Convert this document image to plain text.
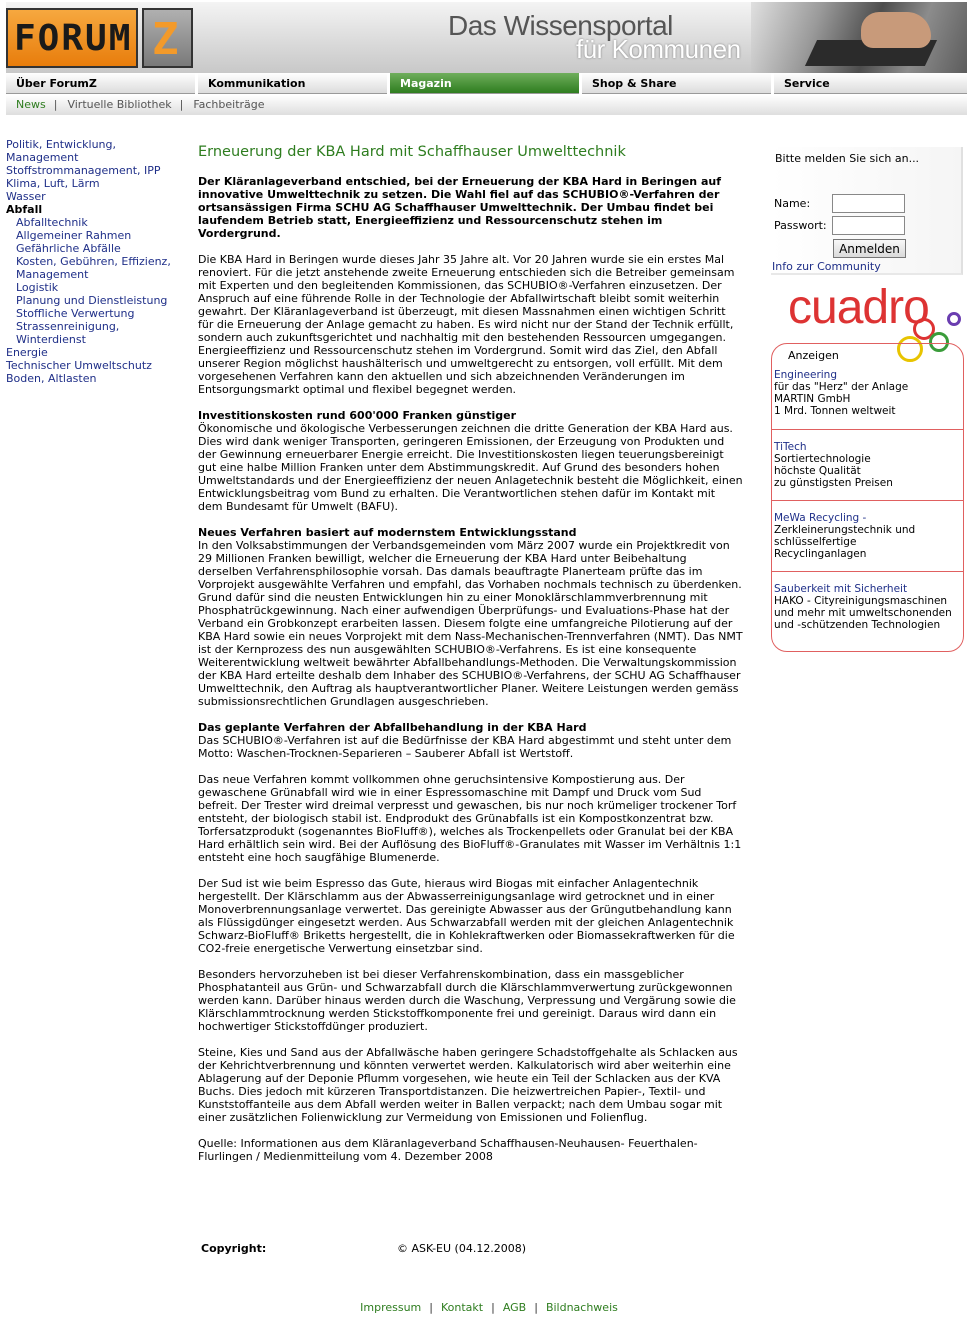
FORUM Z	Das Wissensportal
für Kommunen
Über ForumZ	Kommunikation	Magazin	Shop & Share	Service
News | Virtuelle Bibliothek | Fachbeiträge
Politik, Entwicklung, Management
Stoffstrommanagement, IPP
Klima, Luft, Lärm
Wasser
Abfall
Abfalltechnik
Allgemeiner Rahmen
Gefährliche Abfälle
Kosten, Gebühren, Effizienz, Management
Logistik
Planung und Dienstleistung
Stoffliche Verwertung
Strassenreinigung, Winterdienst
Energie
Technischer Umweltschutz
Boden, Altlasten
Erneuerung der KBA Hard mit Schaffhauser Umwelttechnik

Der Kläranlageverband entschied, bei der Erneuerung der KBA Hard in Beringen auf innovative Umwelttechnik zu setzen. Die Wahl fiel auf das SCHUBIO®-Verfahren der ortsansässigen Firma SCHU AG Schaffhauser Umwelttechnik. Der Umbau findet bei laufendem Betrieb statt, Energieeffizienz und Ressourcenschutz stehen im Vordergrund.

Die KBA Hard in Beringen wurde dieses Jahr 35 Jahre alt. Vor 20 Jahren wurde sie ein erstes Mal renoviert. Für die jetzt anstehende zweite Erneuerung entschieden sich die Betreiber gemeinsam mit Experten und den begleitenden Kommissionen, das SCHUBIO®-Verfahren einzusetzen. Der Anspruch auf eine führende Rolle in der Technologie der Abfallwirtschaft bleibt somit weiterhin gewahrt. Der Kläranlageverband ist überzeugt, mit diesen Massnahmen einen wichtigen Schritt für die Erneuerung der Anlage gemacht zu haben. Es wird nicht nur der Stand der Technik erfüllt, sondern auch zukunftsgerichtet und nachhaltig mit den bestehenden Ressourcen umgegangen. Energieeffizienz und Ressourcenschutz stehen im Vordergrund. Somit wird das Ziel, den Abfall unserer Region möglichst haushälterisch und umweltgerecht zu entsorgen, voll erfüllt. Mit dem vorgesehenen Verfahren kann den aktuellen und sich abzeichnenden Veränderungen im Entsorgungsmarkt optimal und flexibel begegnet werden.

Investitionskosten rund 600'000 Franken günstiger

Ökonomische und ökologische Verbesserungen zeichnen die dritte Generation der KBA Hard aus. Dies wird dank weniger Transporten, geringeren Emissionen, der Erzeugung von Produkten und der Gewinnung erneuerbarer Energie erreicht. Die Investitionskosten liegen teuerungsbereinigt gut eine halbe Million Franken unter dem Abstimmungskredit. Auf Grund des besonders hohen Umweltstandards und der Energieeffizienz der neuen Anlagetechnik besteht die Möglichkeit, einen Entwicklungsbeitrag vom Bund zu erhalten. Die Verantwortlichen stehen dafür im Kontakt mit dem Bundesamt für Umwelt (BAFU).

Neues Verfahren basiert auf modernstem Entwicklungsstand

In den Volksabstimmungen der Verbandsgemeinden vom März 2007 wurde ein Projektkredit von 29 Millionen Franken bewilligt, welcher die Erneuerung der KBA Hard unter Beibehaltung derselben Verfahrensphilosophie vorsah. Das damals beauftragte Planerteam prüfte das im Vorprojekt ausgewählte Verfahren und empfahl, das Vorhaben nochmals technisch zu überdenken. Grund dafür sind die neusten Entwicklungen hin zu einer Monoklärschlammverbrennung mit Phosphatrückgewinnung. Nach einer aufwendigen Überprüfungs- und Evaluations-Phase hat der Verband ein Grobkonzept erarbeiten lassen. Diesem folgte eine umfangreiche Pilotierung auf der KBA Hard sowie ein neues Vorprojekt mit dem Nass-Mechanischen-Trennverfahren (NMT). Das NMT ist der Kernprozess des nun ausgewählten SCHUBIO®-Verfahrens. Es ist eine konsequente Weiterentwicklung weltweit bewährter Abfallbehandlungs-Methoden. Die Verwaltungskommission der KBA Hard erteilte deshalb dem Inhaber des SCHUBIO®-Verfahrens, der SCHU AG Schaffhauser Umwelttechnik, den Auftrag als hauptverantwortlicher Planer. Weitere Leistungen werden gemäss submissionsrechtlichen Grundlagen ausgeschrieben.

Das geplante Verfahren der Abfallbehandlung in der KBA Hard

Das SCHUBIO®-Verfahren ist auf die Bedürfnisse der KBA Hard abgestimmt und steht unter dem Motto: Waschen-Trocknen-Separieren – Sauberer Abfall ist Wertstoff.

Das neue Verfahren kommt vollkommen ohne geruchsintensive Kompostierung aus. Der gewaschene Grünabfall wird wie in einer Espressomaschine mit Dampf und Druck vom Sud befreit. Der Trester wird dreimal verpresst und gewaschen, bis nur noch krümeliger trockener Torf entsteht, der biologisch stabil ist. Endprodukt des Grünabfalls ist ein Kompostkonzentrat bzw. Torfersatzprodukt (sogenanntes BioFluff®), welches als Trockenpellets oder Granulat bei der KBA Hard erhältlich sein wird. Bei der Auflösung des BioFluff®-Granulates mit Wasser im Verhältnis 1:1 entsteht eine hoch saugfähige Blumenerde.

Der Sud ist wie beim Espresso das Gute, hieraus wird Biogas mit einfacher Anlagentechnik hergestellt. Der Klärschlamm aus der Abwasserreinigungsanlage wird getrocknet und in einer Monoverbrennungsanlage verwertet. Das gereinigte Abwasser aus der Grüngutbehandlung kann als Flüssigdünger eingesetzt werden. Aus Schwarzabfall werden mit der gleichen Anlagentechnik Schwarz-BioFluff® Briketts hergestellt, die in Kohlekraftwerken oder Biomassekraftwerken für die CO2-freie energetische Verwertung einsetzbar sind.

Besonders hervorzuheben ist bei dieser Verfahrenskombination, dass ein massgeblicher Phosphatanteil aus Grün- und Schwarzabfall durch die Klärschlammverwertung zurückgewonnen werden kann. Darüber hinaus werden durch die Waschung, Verpressung und Vergärung sowie die Klärschlammtrocknung werden Stickstoffkomponente frei und gereinigt. Daraus wird dann ein hochwertiger Stickstoffdünger produziert.

Steine, Kies und Sand aus der Abfallwäsche haben geringere Schadstoffgehalte als Schlacken aus der Kehrichtverbrennung und könnten verwertet werden. Kalkulatorisch wird aber weiterhin eine Ablagerung auf der Deponie Pflumm vorgesehen, wie heute ein Teil der Schlacken aus der KVA Buchs. Dies jedoch mit kürzeren Transportdistanzen. Die heizwertreichen Papier-, Textil- und Kunststoffanteile aus dem Abfall werden weiter in Ballen verpackt; nach dem Umbau sogar mit einer zusätzlichen Folienwicklung zur Vermeidung von Emissionen und Folienflug.

Quelle: Informationen aus dem Kläranlageverband Schaffhausen-Neuhausen- Feuerthalen-Flurlingen / Medienmitteilung vom 4. Dezember 2008

Copyright:	© ASK-EU (04.12.2008)
Impressum | Kontakt | AGB | Bildnachweis
Bitte melden Sie sich an...
Name:
Passwort:
Anmelden
Info zur Community
cuadro
Anzeigen
Engineering
für das "Herz" der Anlage
MARTIN GmbH
1 Mrd. Tonnen weltweit
TiTech
Sortiertechnologie
höchste Qualität
zu günstigsten Preisen
MeWa Recycling -
Zerkleinerungstechnik und
schlüsselfertige
Recyclinganlagen
Sauberkeit mit Sicherheit
HAKO - Cityreinigungsmaschinen
und mehr mit umweltschonenden
und -schützenden Technologien
